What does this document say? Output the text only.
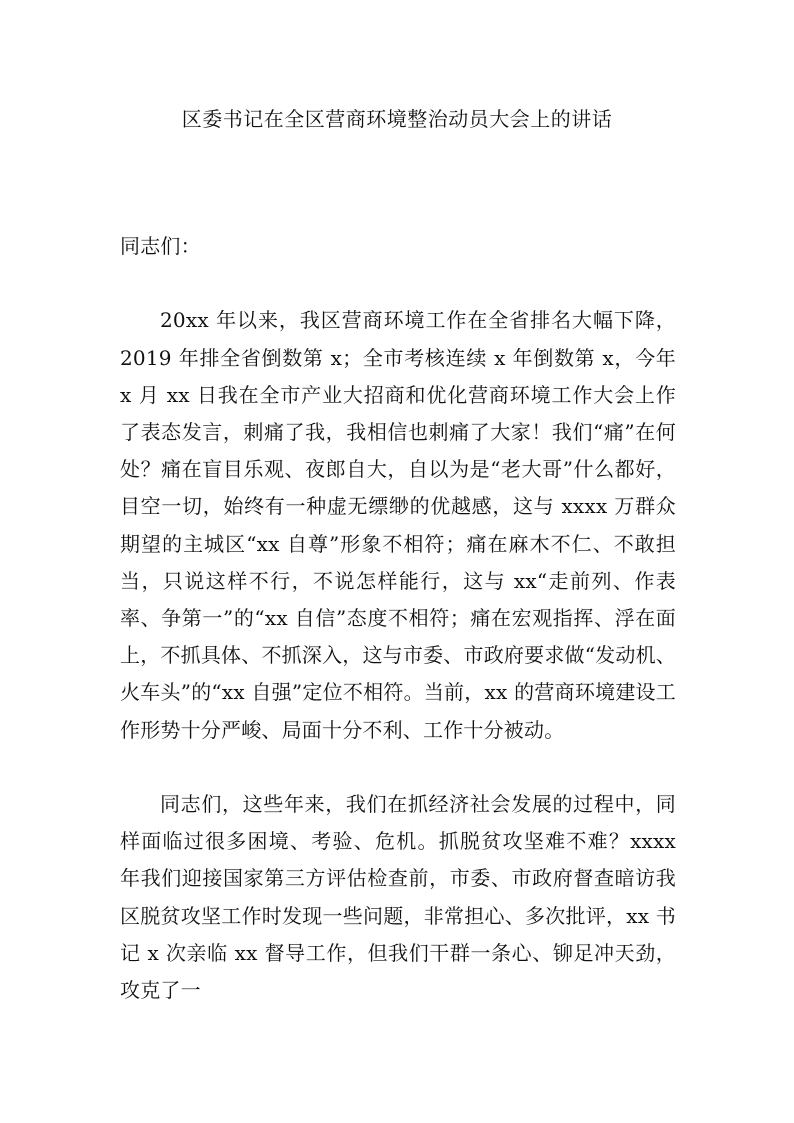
区委书记在全区营商环境整治动员大会上的讲话

同志们：

20xx 年以来，我区营商环境工作在全省排名大幅下降，2019 年排全省倒数第 x；全市考核连续 x 年倒数第 x，今年 x 月 xx 日我在全市产业大招商和优化营商环境工作大会上作了表态发言，刺痛了我，我相信也刺痛了大家！我们“痛”在何处？痛在盲目乐观、夜郎自大，自以为是“老大哥”什么都好，目空一切，始终有一种虚无缥缈的优越感，这与 xxxx 万群众期望的主城区“xx 自尊”形象不相符；痛在麻木不仁、不敢担当，只说这样不行，不说怎样能行，这与 xx“走前列、作表率、争第一”的“xx 自信”态度不相符；痛在宏观指挥、浮在面上，不抓具体、不抓深入，这与市委、市政府要求做“发动机、火车头”的“xx 自强”定位不相符。当前，xx 的营商环境建设工作形势十分严峻、局面十分不利、工作十分被动。

同志们，这些年来，我们在抓经济社会发展的过程中，同样面临过很多困境、考验、危机。抓脱贫攻坚难不难？xxxx 年我们迎接国家第三方评估检查前，市委、市政府督查暗访我区脱贫攻坚工作时发现一些问题，非常担心、多次批评，xx 书记 x 次亲临 xx 督导工作，但我们干群一条心、铆足冲天劲，攻克了一
